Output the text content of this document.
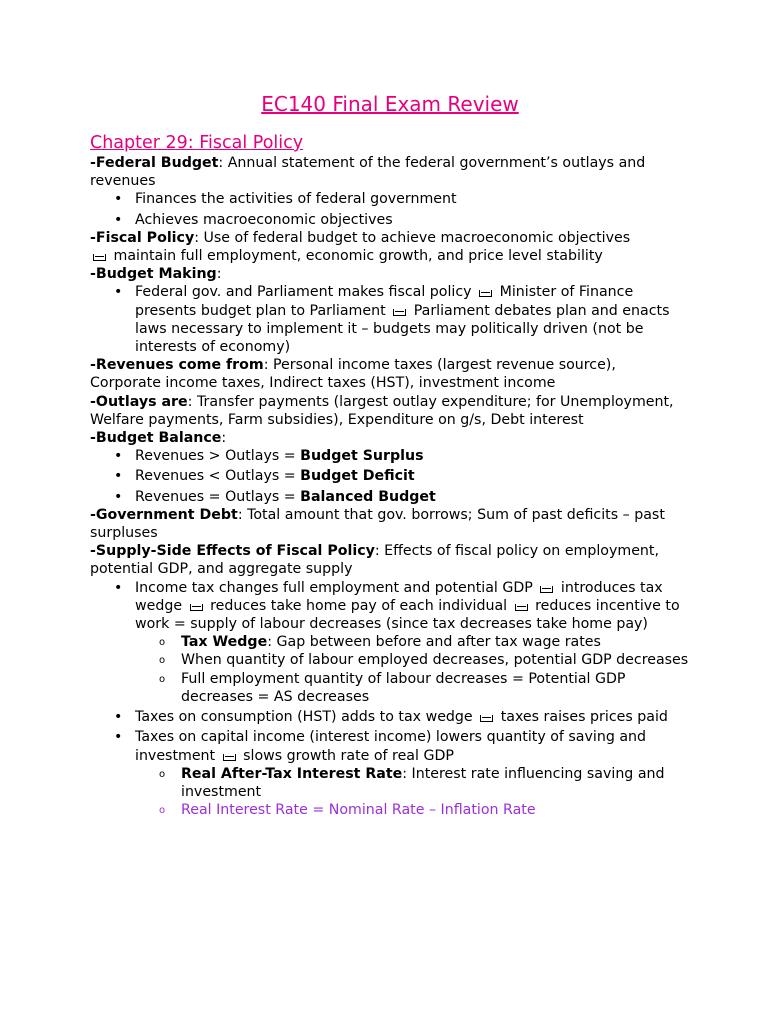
EC140 Final Exam Review
Chapter 29: Fiscal Policy

-Federal Budget: Annual statement of the federal government’s outlays and revenues

• Finances the activities of federal government
• Achieves macroeconomic objectives

-Fiscal Policy: Use of federal budget to achieve macroeconomic objectives
maintain full employment, economic growth, and price level stability

-Budget Making:

• Federal gov. and Parliament makes fiscal policy Minister of Finance presents budget plan to Parliament Parliament debates plan and enacts laws necessary to implement it – budgets may politically driven (not be interests of economy)

-Revenues come from: Personal income taxes (largest revenue source), Corporate income taxes, Indirect taxes (HST), investment income

-Outlays are: Transfer payments (largest outlay expenditure; for Unemployment, Welfare payments, Farm subsidies), Expenditure on g/s, Debt interest

-Budget Balance:

• Revenues > Outlays = Budget Surplus
• Revenues < Outlays = Budget Deficit
• Revenues = Outlays = Balanced Budget

-Government Debt: Total amount that gov. borrows; Sum of past deficits – past surpluses

-Supply-Side Effects of Fiscal Policy: Effects of fiscal policy on employment, potential GDP, and aggregate supply

• Income tax changes full employment and potential GDP introduces tax wedge reduces take home pay of each individual reduces incentive to work = supply of labour decreases (since tax decreases take home pay)
o Tax Wedge: Gap between before and after tax wage rates
o When quantity of labour employed decreases, potential GDP decreases
o Full employment quantity of labour decreases = Potential GDP decreases = AS decreases
• Taxes on consumption (HST) adds to tax wedge taxes raises prices paid
• Taxes on capital income (interest income) lowers quantity of saving and investment slows growth rate of real GDP
o Real After-Tax Interest Rate: Interest rate influencing saving and investment
o Real Interest Rate = Nominal Rate – Inflation Rate
